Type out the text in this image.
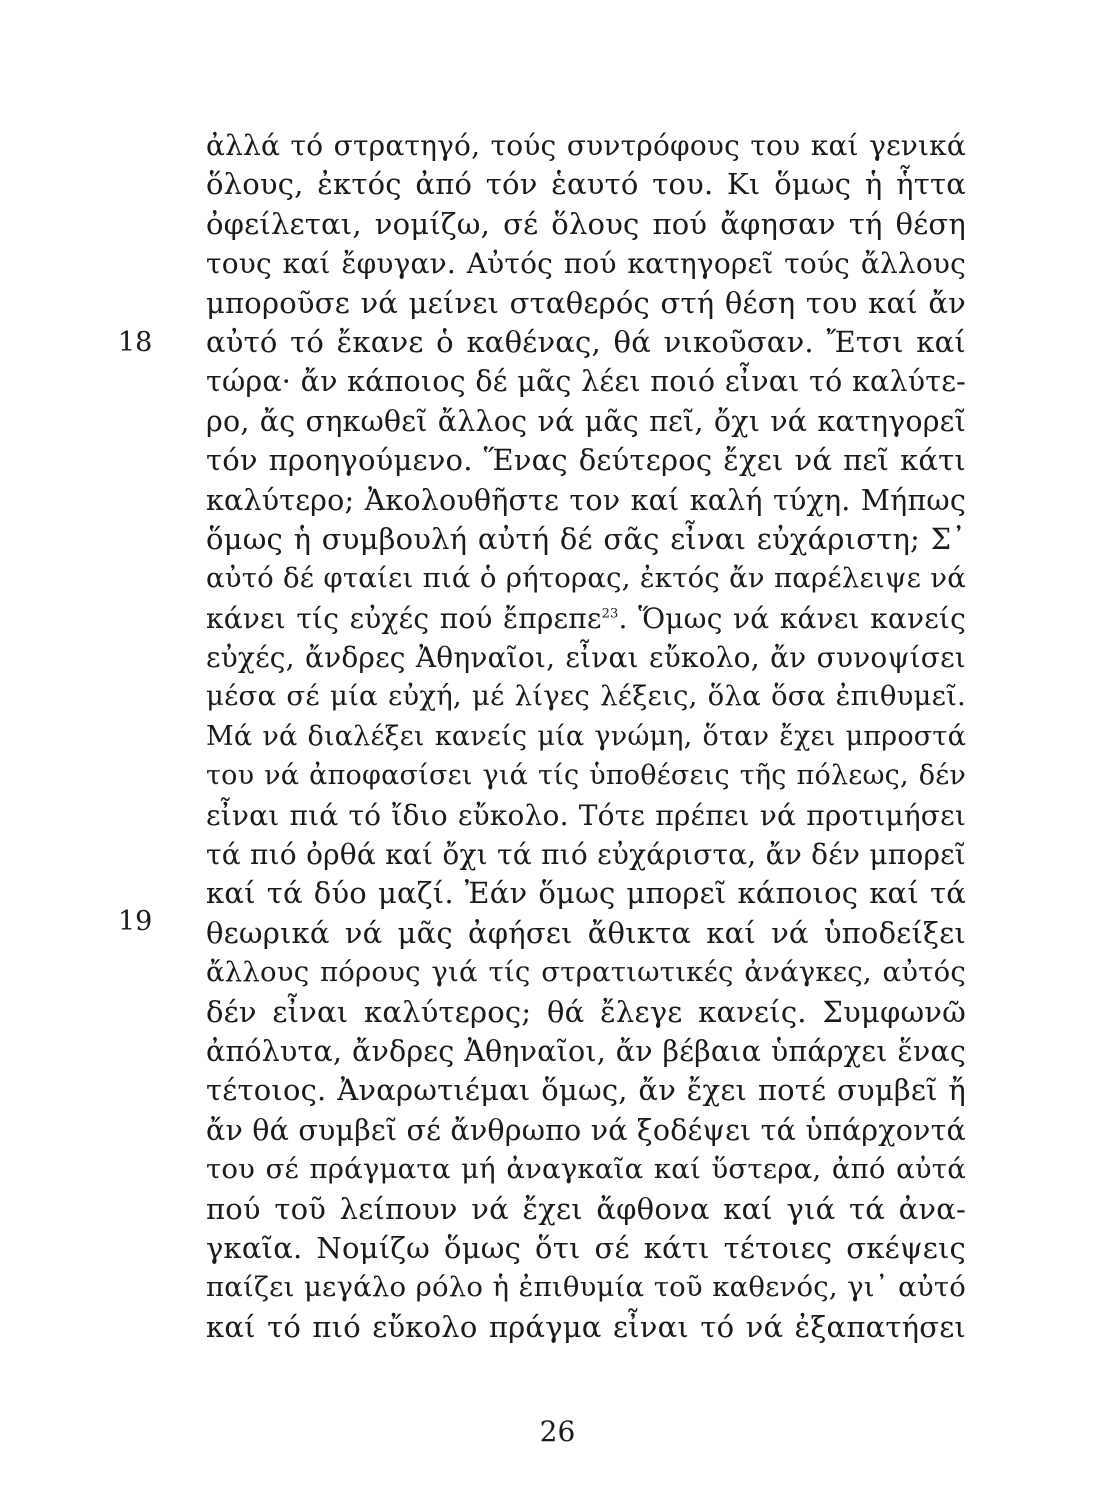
18
19
ἀλλά τό στρατηγό, τούς συντρόφους του καί γενικά
ὅλους, ἐκτός ἀπό τόν ἑαυτό του. Κι ὅμως ἡ ἧττα
ὀφείλεται, νομίζω, σέ ὅλους πού ἄφησαν τή θέση
τους καί ἔφυγαν. Αὐτός πού κατηγορεῖ τούς ἄλλους
μποροῦσε νά μείνει σταθερός στή θέση του καί ἄν
αὐτό τό ἔκανε ὁ καθένας, θά νικοῦσαν. Ἔτσι καί
τώρα· ἄν κάποιος δέ μᾶς λέει ποιό εἶναι τό καλύτε-
ρο, ἄς σηκωθεῖ ἄλλος νά μᾶς πεῖ, ὄχι νά κατηγορεῖ
τόν προηγούμενο. Ἕνας δεύτερος ἔχει νά πεῖ κάτι
καλύτερο; Ἀκολουθῆστε τον καί καλή τύχη. Μήπως
ὅμως ἡ συμβουλή αὐτή δέ σᾶς εἶναι εὐχάριστη; Σ᾽
αὐτό δέ φταίει πιά ὁ ρήτορας, ἐκτός ἄν παρέλειψε νά
κάνει τίς εὐχές πού ἔπρεπε$^{23}$. Ὅμως νά κάνει κανείς
εὐχές, ἄνδρες Ἀθηναῖοι, εἶναι εὔκολο, ἄν συνοψίσει
μέσα σέ μία εὐχή, μέ λίγες λέξεις, ὅλα ὅσα ἐπιθυμεῖ.
Μά νά διαλέξει κανείς μία γνώμη, ὅταν ἔχει μπροστά
του νά ἀποφασίσει γιά τίς ὑποθέσεις τῆς πόλεως, δέν
εἶναι πιά τό ἴδιο εὔκολο. Τότε πρέπει νά προτιμήσει
τά πιό ὀρθά καί ὄχι τά πιό εὐχάριστα, ἄν δέν μπορεῖ
καί τά δύο μαζί. Ἐάν ὅμως μπορεῖ κάποιος καί τά
θεωρικά νά μᾶς ἀφήσει ἄθικτα καί νά ὑποδείξει
ἄλλους πόρους γιά τίς στρατιωτικές ἀνάγκες, αὐτός
δέν εἶναι καλύτερος; θά ἔλεγε κανείς. Συμφωνῶ
ἀπόλυτα, ἄνδρες Ἀθηναῖοι, ἄν βέβαια ὑπάρχει ἕνας
τέτοιος. Ἀναρωτιέμαι ὅμως, ἄν ἔχει ποτέ συμβεῖ ἤ
ἄν θά συμβεῖ σέ ἄνθρωπο νά ξοδέψει τά ὑπάρχοντά
του σέ πράγματα μή ἀναγκαῖα καί ὕστερα, ἀπό αὐτά
πού τοῦ λείπουν νά ἔχει ἄφθονα καί γιά τά ἀνα-
γκαῖα. Νομίζω ὅμως ὅτι σέ κάτι τέτοιες σκέψεις
παίζει μεγάλο ρόλο ἡ ἐπιθυμία τοῦ καθενός, γι᾽ αὐτό
καί τό πιό εὔκολο πράγμα εἶναι τό νά ἐξαπατήσει
26
